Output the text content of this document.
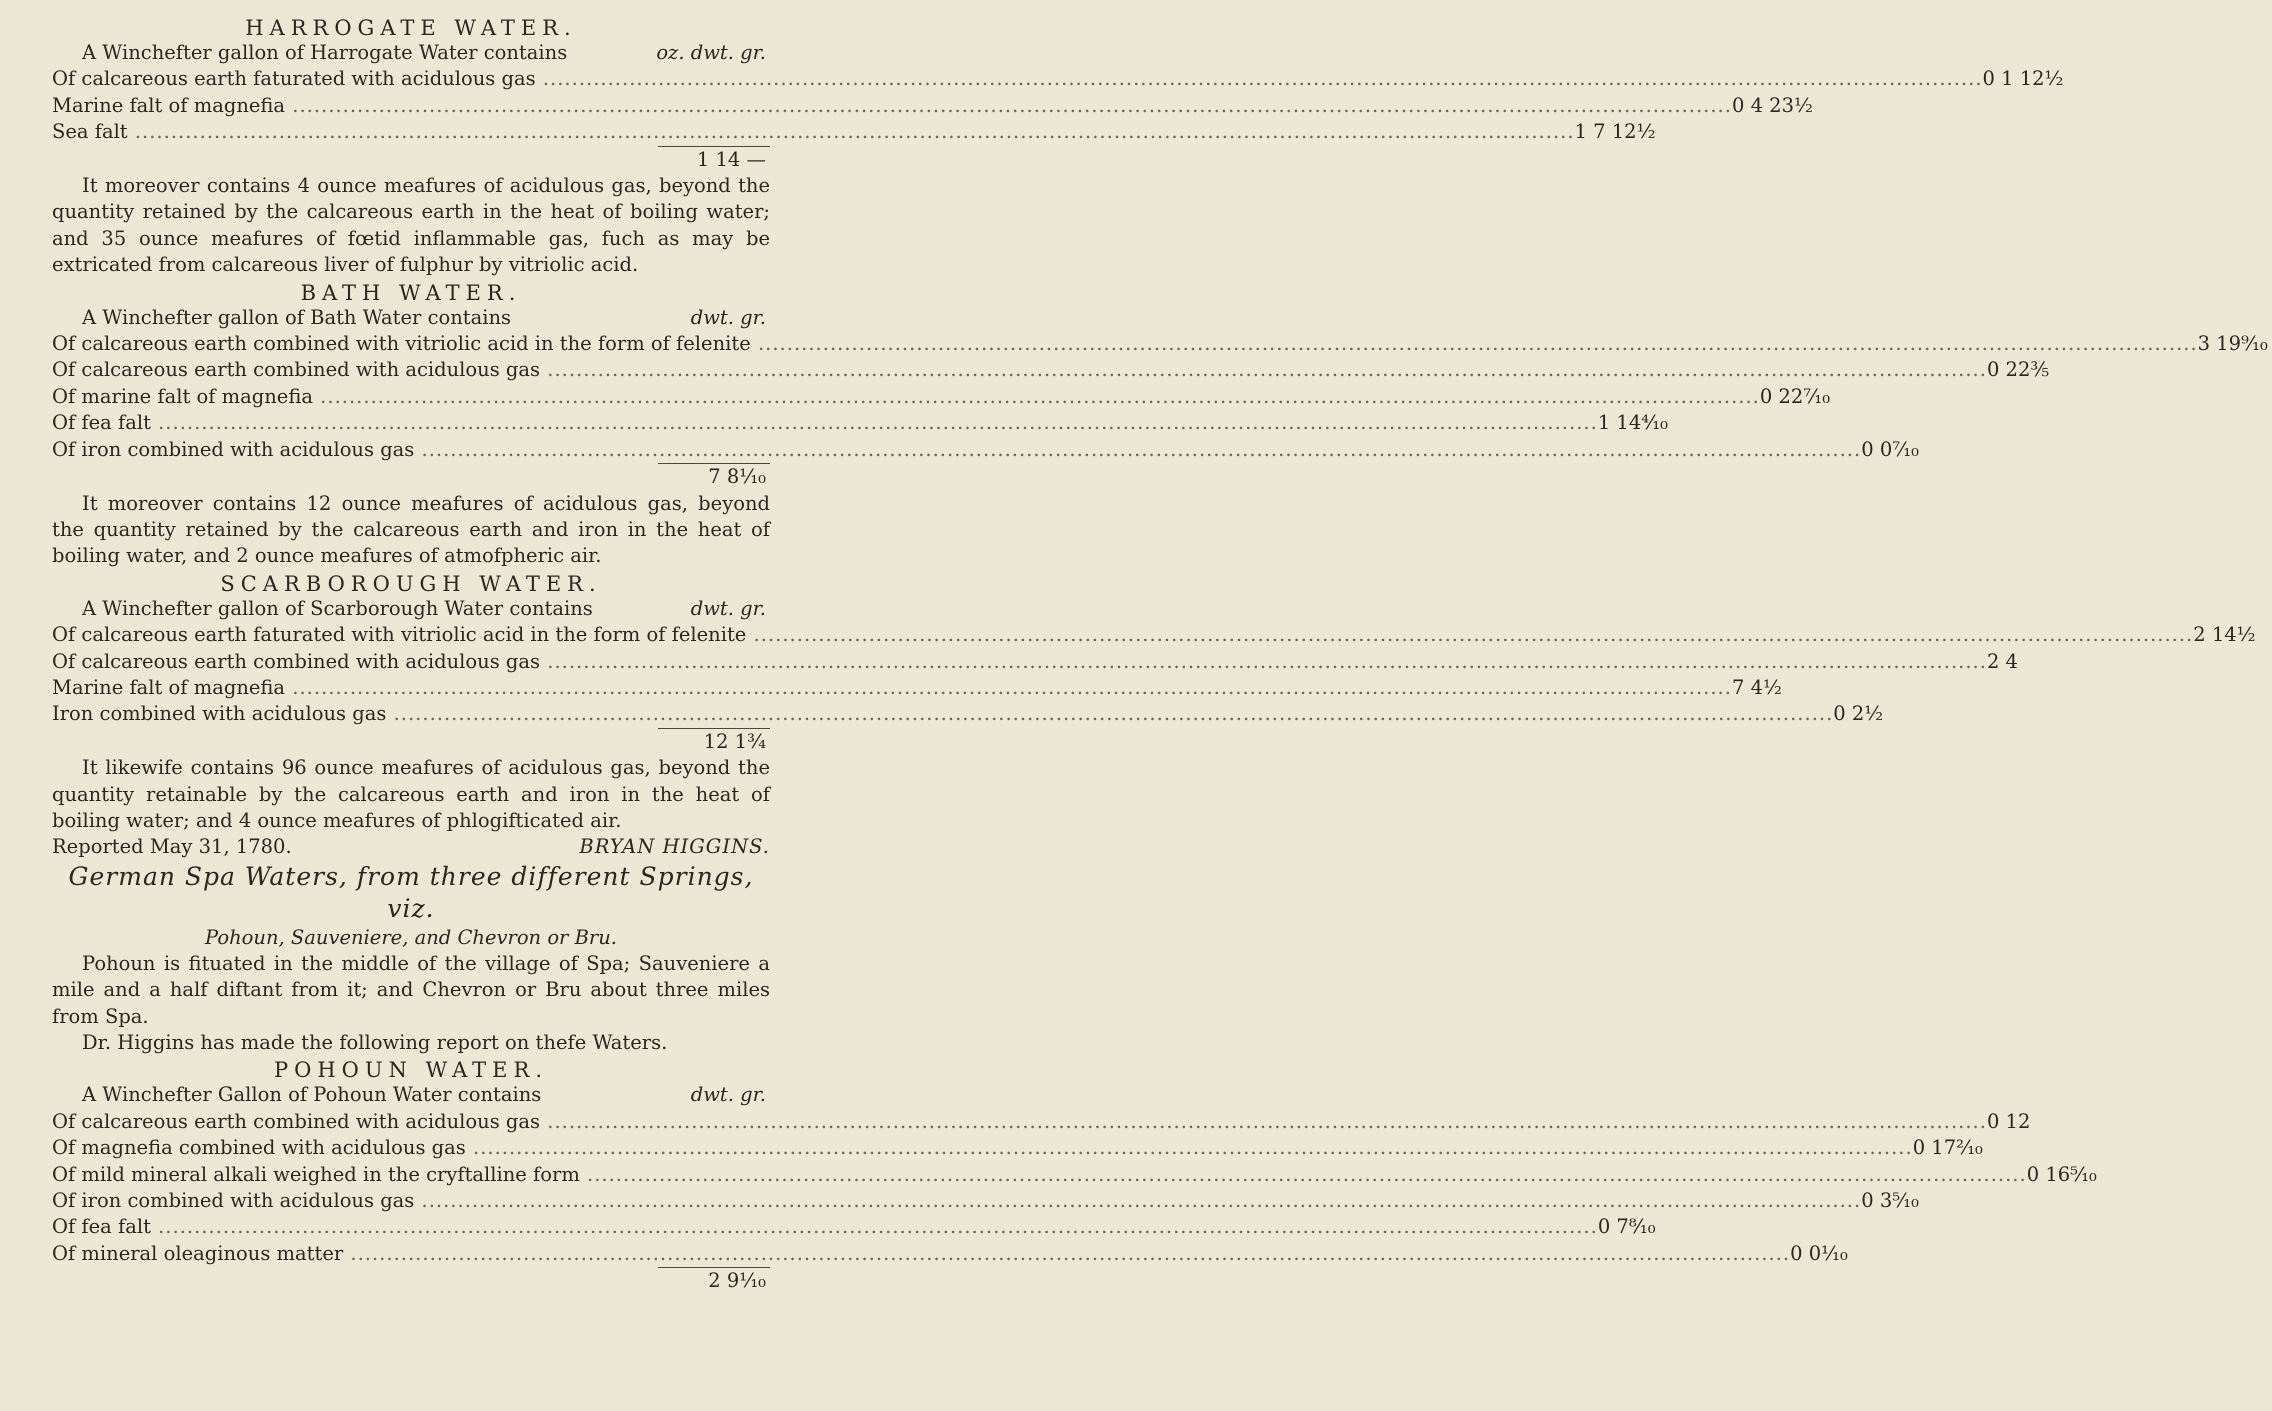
HARROGATE WATER.
A Winchefter gallon of Harrogate Water contains	oz. dwt. gr.
Of calcareous earth faturated with acidulous gas .....	0 1 12½
Marine falt of magnefia .....	0 4 23½
Sea falt .....	1 7 12½
1 14 —
It moreover contains 4 ounce meafures of acidulous gas, beyond the quantity retained by the calcareous earth in the heat of boiling water; and 35 ounce meafures of fœtid inflammable gas, fuch as may be extricated from calcareous liver of fulphur by vitriolic acid.
BATH WATER.
A Winchefter gallon of Bath Water contains	dwt. gr.
Of calcareous earth combined with vitriolic acid in the form of felenite .....	3 19⁹⁄₁₀
Of calcareous earth combined with acidulous gas .....	0 22⅗
Of marine falt of magnefia .....	0 22⁷⁄₁₀
Of fea falt .....	1 14⁴⁄₁₀
Of iron combined with acidulous gas .....	0 0⁷⁄₁₀
7 8¹⁄₁₀
It moreover contains 12 ounce meafures of acidulous gas, beyond the quantity retained by the calcareous earth and iron in the heat of boiling water, and 2 ounce meafures of atmofpheric air.
SCARBOROUGH WATER.
A Winchefter gallon of Scarborough Water contains	dwt. gr.
Of calcareous earth faturated with vitriolic acid in the form of felenite .....	2 14½
Of calcareous earth combined with acidulous gas .....	2 4
Marine falt of magnefia .....	7 4½
Iron combined with acidulous gas .....	0 2½
12 1¾
It likewife contains 96 ounce meafures of acidulous gas, beyond the quantity retainable by the calcareous earth and iron in the heat of boiling water; and 4 ounce meafures of phlogifticated air.
Reported May 31, 1780.	BRYAN HIGGINS.
German Spa Waters, from three different Springs, viz.
Pohoun, Sauveniere, and Chevron or Bru.
Pohoun is fituated in the middle of the village of Spa; Sauveniere a mile and a half diftant from it; and Chevron or Bru about three miles from Spa.
Dr. Higgins has made the following report on thefe Waters.
POHOUN WATER.
A Winchefter Gallon of Pohoun Water contains	dwt. gr.
Of calcareous earth combined with acidulous gas .....	0 12
Of magnefia combined with acidulous gas .....	0 17²⁄₁₀
Of mild mineral alkali weighed in the cryftalline form .....	0 16⁵⁄₁₀
Of iron combined with acidulous gas .....	0 3⁵⁄₁₀
Of fea falt .....	0 7⁸⁄₁₀
Of mineral oleaginous matter .....	0 0¹⁄₁₀
2 9¹⁄₁₀
